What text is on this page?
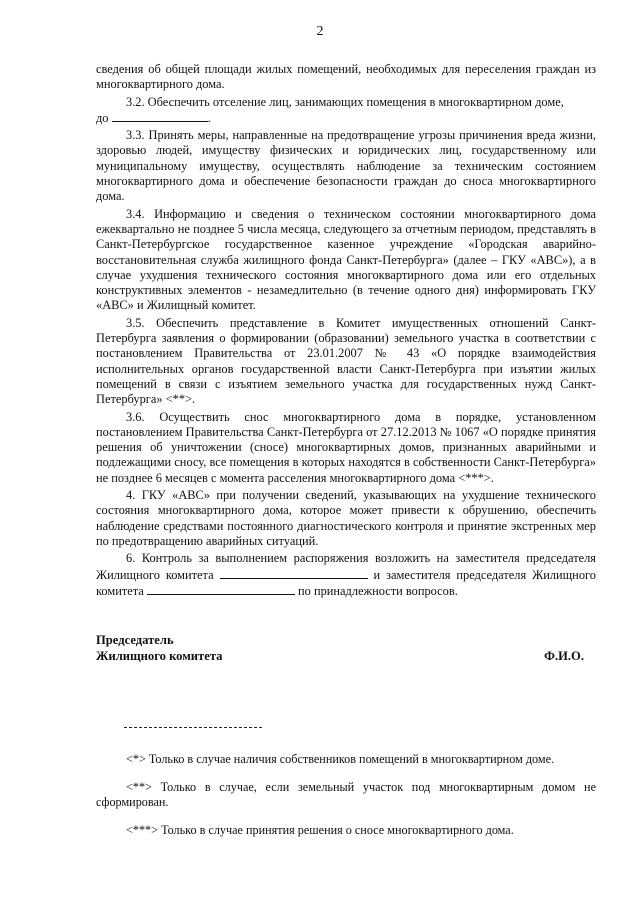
2

сведения об общей площади жилых помещений, необходимых для переселения граждан из многоквартирного дома.

3.2. Обеспечить отселение лиц, занимающих помещения в многоквартирном доме,
до	.

3.3. Принять меры, направленные на предотвращение угрозы причинения вреда жизни, здоровью людей, имуществу физических и юридических лиц, государственному или муниципальному имуществу, осуществлять наблюдение за техническим состоянием многоквартирного дома и обеспечение безопасности граждан до сноса многоквартирного дома.

3.4. Информацию и сведения о техническом состоянии многоквартирного дома ежеквартально не позднее 5 числа месяца, следующего за отчетным периодом, представлять в Санкт-Петербургское государственное казенное учреждение «Городская аварийно-восстановительная служба жилищного фонда Санкт-Петербурга» (далее – ГКУ «АВС»), а в случае ухудшения технического состояния многоквартирного дома или его отдельных конструктивных элементов - незамедлительно (в течение одного дня) информировать ГКУ «АВС» и Жилищный комитет.

3.5. Обеспечить представление в Комитет имущественных отношений Санкт-Петербурга заявления о формировании (образовании) земельного участка в соответствии с постановлением Правительства от 23.01.2007 № 43 «О порядке взаимодействия исполнительных органов государственной власти Санкт-Петербурга при изъятии жилых помещений в связи с изъятием земельного участка для государственных нужд Санкт-Петербурга» <**>.

3.6. Осуществить снос многоквартирного дома в порядке, установленном постановлением Правительства Санкт-Петербурга от 27.12.2013 № 1067 «О порядке принятия решения об уничтожении (сносе) многоквартирных домов, признанных аварийными и подлежащими сносу, все помещения в которых находятся в собственности Санкт-Петербурга» не позднее 6 месяцев с момента расселения многоквартирного дома <***>.

4. ГКУ «АВС» при получении сведений, указывающих на ухудшение технического состояния многоквартирного дома, которое может привести к обрушению, обеспечить наблюдение средствами постоянного диагностического контроля и принятие экстренных мер по предотвращению аварийных ситуаций.

6. Контроль за выполнением распоряжения возложить на заместителя председателя Жилищного комитета	и заместителя председателя Жилищного комитета	по принадлежности вопросов.

Председатель
Жилищного комитета	Ф.И.О.

<*> Только в случае наличия собственников помещений в многоквартирном доме.

<**> Только в случае, если земельный участок под многоквартирным домом не сформирован.

<***> Только в случае принятия решения о сносе многоквартирного дома.
